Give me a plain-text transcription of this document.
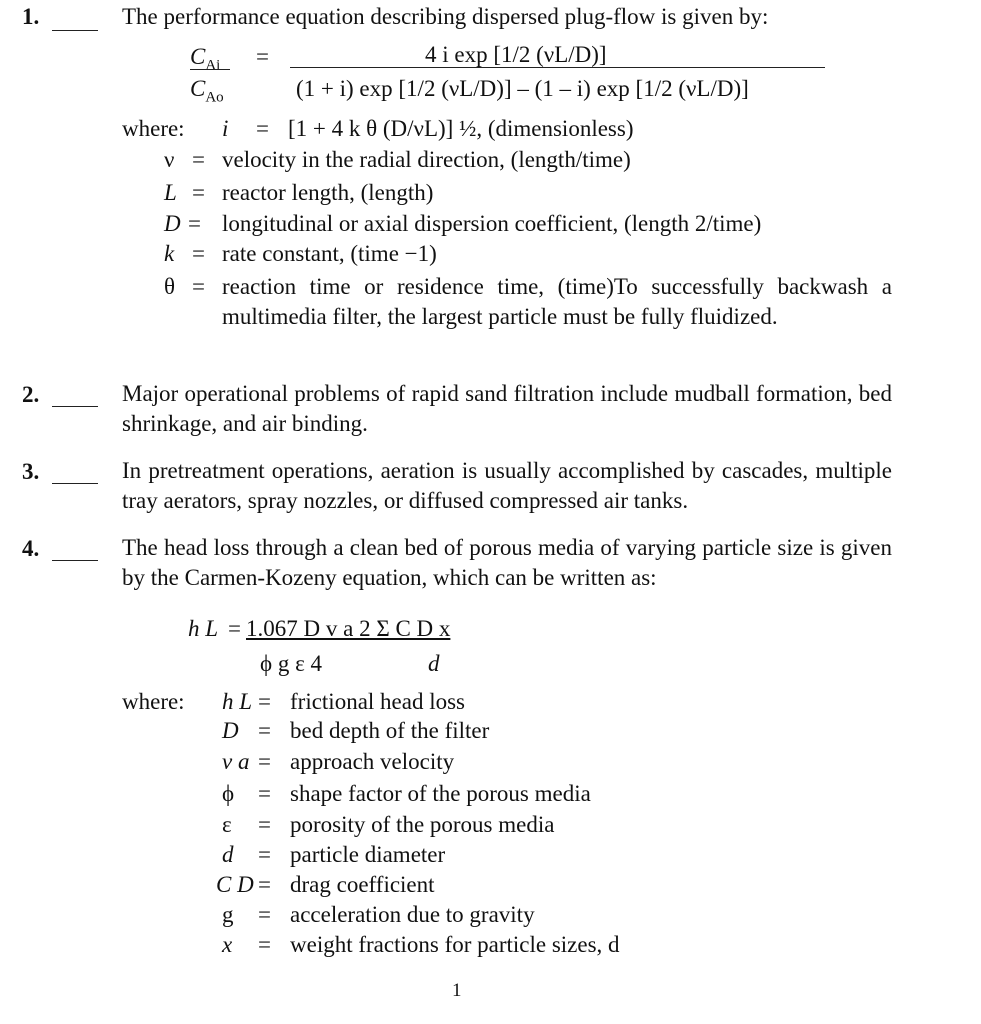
1.	The performance equation describing dispersed plug-flow is given by:
$C_{Ai}$
$C_{Ao}$
=	4 i exp [1/2 (νL/D)]
(1 + i) exp [1/2 (νL/D)] – (1 – i) exp [1/2 (νL/D)]
where: i = [1 + 4 k θ (D/νL)] ½, (dimensionless)
ν = velocity in the radial direction, (length/time)
L = reactor length, (length)
D = longitudinal or axial dispersion coefficient, (length 2/time)
k = rate constant, (time −1)
θ = reaction time or residence time, (time)To successfully backwash a multimedia filter, the largest particle must be fully fluidized.
2.	Major operational problems of rapid sand filtration include mudball formation, bed shrinkage, and air binding.
3.	In pretreatment operations, aeration is usually accomplished by cascades, multiple tray aerators, spray nozzles, or diffused compressed air tanks.
4.	The head loss through a clean bed of porous media of varying particle size is given by the Carmen-Kozeny equation, which can be written as:
h L = 1.067 D v a 2 Σ C D x
ϕ g ε 4	d
where: h L = frictional head loss
D = bed depth of the filter
v a = approach velocity
ϕ = shape factor of the porous media
ε = porosity of the porous media
d = particle diameter
C D = drag coefficient
g = acceleration due to gravity
x = weight fractions for particle sizes, d
1
